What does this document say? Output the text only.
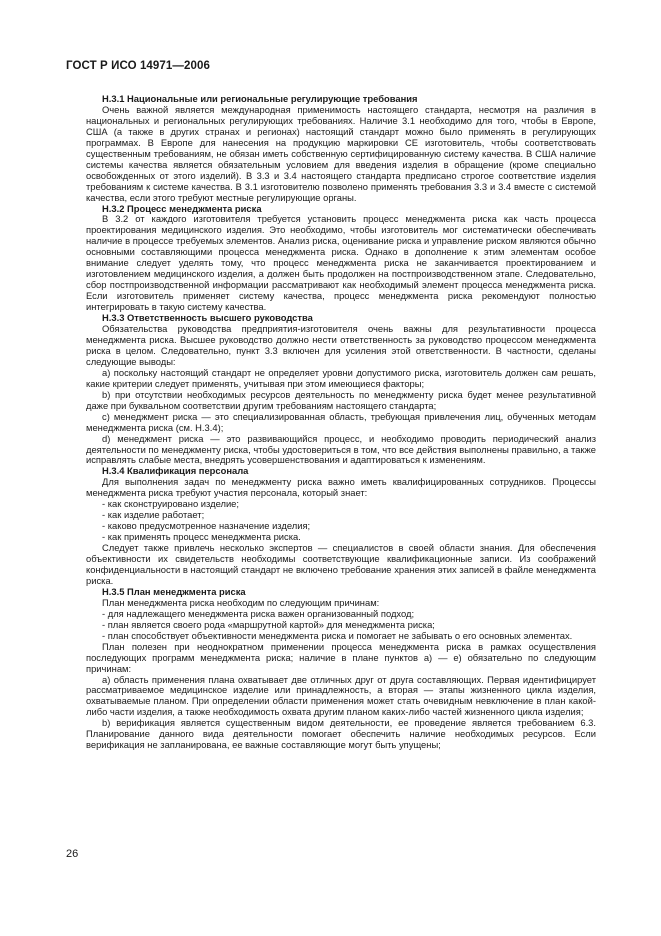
ГОСТ Р ИСО 14971—2006
Н.3.1 Национальные или региональные регулирующие требования

Очень важной является международная применимость настоящего стандарта, несмотря на различия в национальных и региональных регулирующих требованиях. Наличие 3.1 необходимо для того, чтобы в Европе, США (а также в других странах и регионах) настоящий стандарт можно было применять в регулирующих программах. В Европе для нанесения на продукцию маркировки СЕ изготовитель, чтобы соответствовать существенным требованиям, не обязан иметь собственную сертифицированную систему качества. В США наличие системы качества является обязательным условием для введения изделия в обращение (кроме специально освобожденных от этого изделий). В 3.3 и 3.4 настоящего стандарта предписано строгое соответствие изделия требованиям к системе качества. В 3.1 изготовителю позволено применять требования 3.3 и 3.4 вместе с системой качества, если этого требуют местные регулирующие органы.

Н.3.2 Процесс менеджмента риска

В 3.2 от каждого изготовителя требуется установить процесс менеджмента риска как часть процесса проектирования медицинского изделия. Это необходимо, чтобы изготовитель мог систематически обеспечивать наличие в процессе требуемых элементов. Анализ риска, оценивание риска и управление риском являются обычно основными составляющими процесса менеджмента риска. Однако в дополнение к этим элементам особое внимание следует уделять тому, что процесс менеджмента риска не заканчивается проектированием и изготовлением медицинского изделия, а должен быть продолжен на постпроизводственном этапе. Следовательно, сбор постпроизводственной информации рассматривают как необходимый элемент процесса менеджмента риска. Если изготовитель применяет систему качества, процесс менеджмента риска рекомендуют полностью интегрировать в такую систему качества.

Н.3.3 Ответственность высшего руководства

Обязательства руководства предприятия-изготовителя очень важны для результативности процесса менеджмента риска. Высшее руководство должно нести ответственность за руководство процессом менеджмента риска в целом. Следовательно, пункт 3.3 включен для усиления этой ответственности. В частности, сделаны следующие выводы:

а) поскольку настоящий стандарт не определяет уровни допустимого риска, изготовитель должен сам решать, какие критерии следует применять, учитывая при этом имеющиеся факторы;

b) при отсутствии необходимых ресурсов деятельность по менеджменту риска будет менее результативной даже при буквальном соответствии другим требованиям настоящего стандарта;

с) менеджмент риска — это специализированная область, требующая привлечения лиц, обученных методам менеджмента риска (см. Н.3.4);

d) менеджмент риска — это развивающийся процесс, и необходимо проводить периодический анализ деятельности по менеджменту риска, чтобы удостовериться в том, что все действия выполнены правильно, а также исправлять слабые места, внедрять усовершенствования и адаптироваться к изменениям.

Н.3.4 Квалификация персонала

Для выполнения задач по менеджменту риска важно иметь квалифицированных сотрудников. Процессы менеджмента риска требуют участия персонала, который знает:

- как сконструировано изделие;

- как изделие работает;

- каково предусмотренное назначение изделия;

- как применять процесс менеджмента риска.

Следует также привлечь несколько экспертов — специалистов в своей области знания. Для обеспечения объективности их свидетельств необходимы соответствующие квалификационные записи. Из соображений конфиденциальности в настоящий стандарт не включено требование хранения этих записей в файле менеджмента риска.

Н.3.5 План менеджмента риска

План менеджмента риска необходим по следующим причинам:

- для надлежащего менеджмента риска важен организованный подход;

- план является своего рода «маршрутной картой» для менеджмента риска;

- план способствует объективности менеджмента риска и помогает не забывать о его основных элементах.

План полезен при неоднократном применении процесса менеджмента риска в рамках осуществления последующих программ менеджмента риска; наличие в плане пунктов а) — е) обязательно по следующим причинам:

а) область применения плана охватывает две отличных друг от друга составляющих. Первая идентифицирует рассматриваемое медицинское изделие или принадлежность, а вторая — этапы жизненного цикла изделия, охватываемые планом. При определении области применения может стать очевидным невключение в план какой-либо части изделия, а также необходимость охвата другим планом каких-либо частей жизненного цикла изделия;

b) верификация является существенным видом деятельности, ее проведение является требованием 6.3. Планирование данного вида деятельности помогает обеспечить наличие необходимых ресурсов. Если верификация не запланирована, ее важные составляющие могут быть упущены;

26
